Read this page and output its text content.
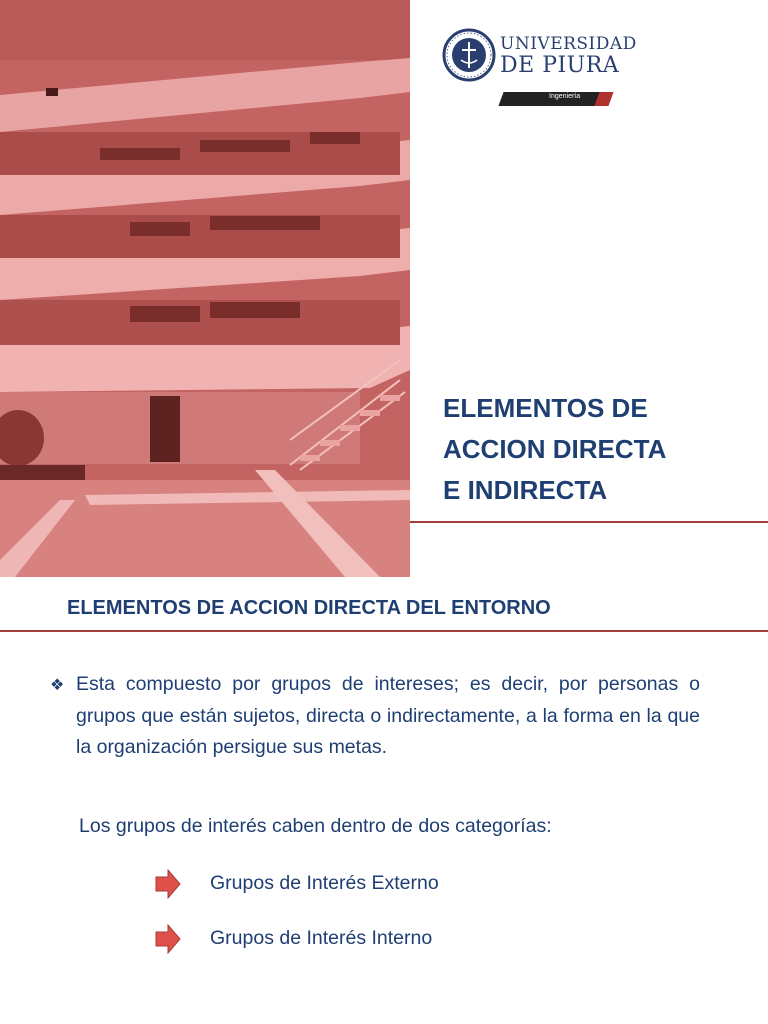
UNIVERSIDAD
DE PIURA
Ingeniería
ELEMENTOS DE
ACCION DIRECTA
E INDIRECTA
ELEMENTOS DE ACCION DIRECTA DEL ENTORNO
❖ Esta compuesto por grupos de intereses; es decir, por personas o grupos que están sujetos, directa o indirectamente, a la forma en la que la organización persigue sus metas.
Los grupos de interés caben dentro de dos categorías:
Grupos de Interés Externo
Grupos de Interés Interno
